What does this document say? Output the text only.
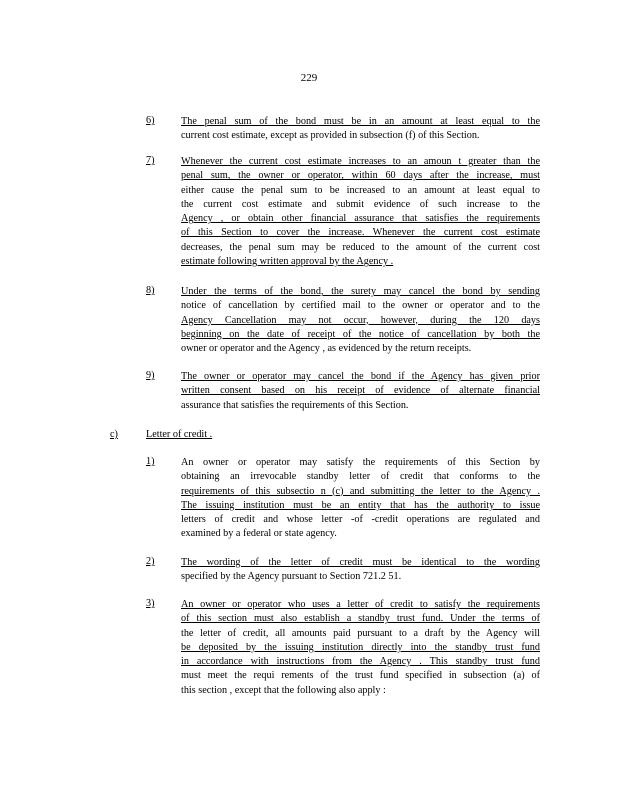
229
6)	The penal sum of the bond must be in an amount at least equal to the
current cost estimate, except as provided in subsection (f) of this Section.
7)	Whenever the current cost estimate increases to an amoun t greater than the
penal sum, the owner or operator, within 60 days after the increase, must
either cause the penal sum to be increased to an amount at least equal to
the current cost estimate and submit evidence of such increase to the
Agency , or obtain other financial assurance that satisfies the requirements
of this Section to cover the increase. Whenever the current cost estimate
decreases, the penal sum may be reduced to the amount of the current cost
estimate following written approval by the Agency .
8)	Under the terms of the bond, the surety may cancel the bond by sending
notice of cancellation by certified mail to the owner or operator and to the
Agency Cancellation may not occur, however, during the 120 days
beginning on the date of receipt of the notice of cancellation by both the
owner or operator and the Agency , as evidenced by the return receipts.
9)	The owner or operator may cancel the bond if the Agency has given prior
written consent based on his receipt of evidence of alternate financial
assurance that satisfies the requirements of this Section.
c)	Letter of credit .
1)	An owner or operator may satisfy the requirements of this Section by
obtaining an irrevocable standby letter of credit that conforms to the
requirements of this subsectio n (c) and submitting the letter to the Agency .
The issuing institution must be an entity that has the authority to issue
letters of credit and whose letter -of -credit operations are regulated and
examined by a federal or state agency.
2)	The wording of the letter of credit must be identical to the wording
specified by the Agency pursuant to Section 721.2 51.
3)	An owner or operator who uses a letter of credit to satisfy the requirements
of this section must also establish a standby trust fund. Under the terms of
the letter of credit, all amounts paid pursuant to a draft by the Agency will
be deposited by the issuing institution directly into the standby trust fund
in accordance with instructions from the Agency . This standby trust fund
must meet the requi rements of the trust fund specified in subsection (a) of
this section , except that the following also apply :
